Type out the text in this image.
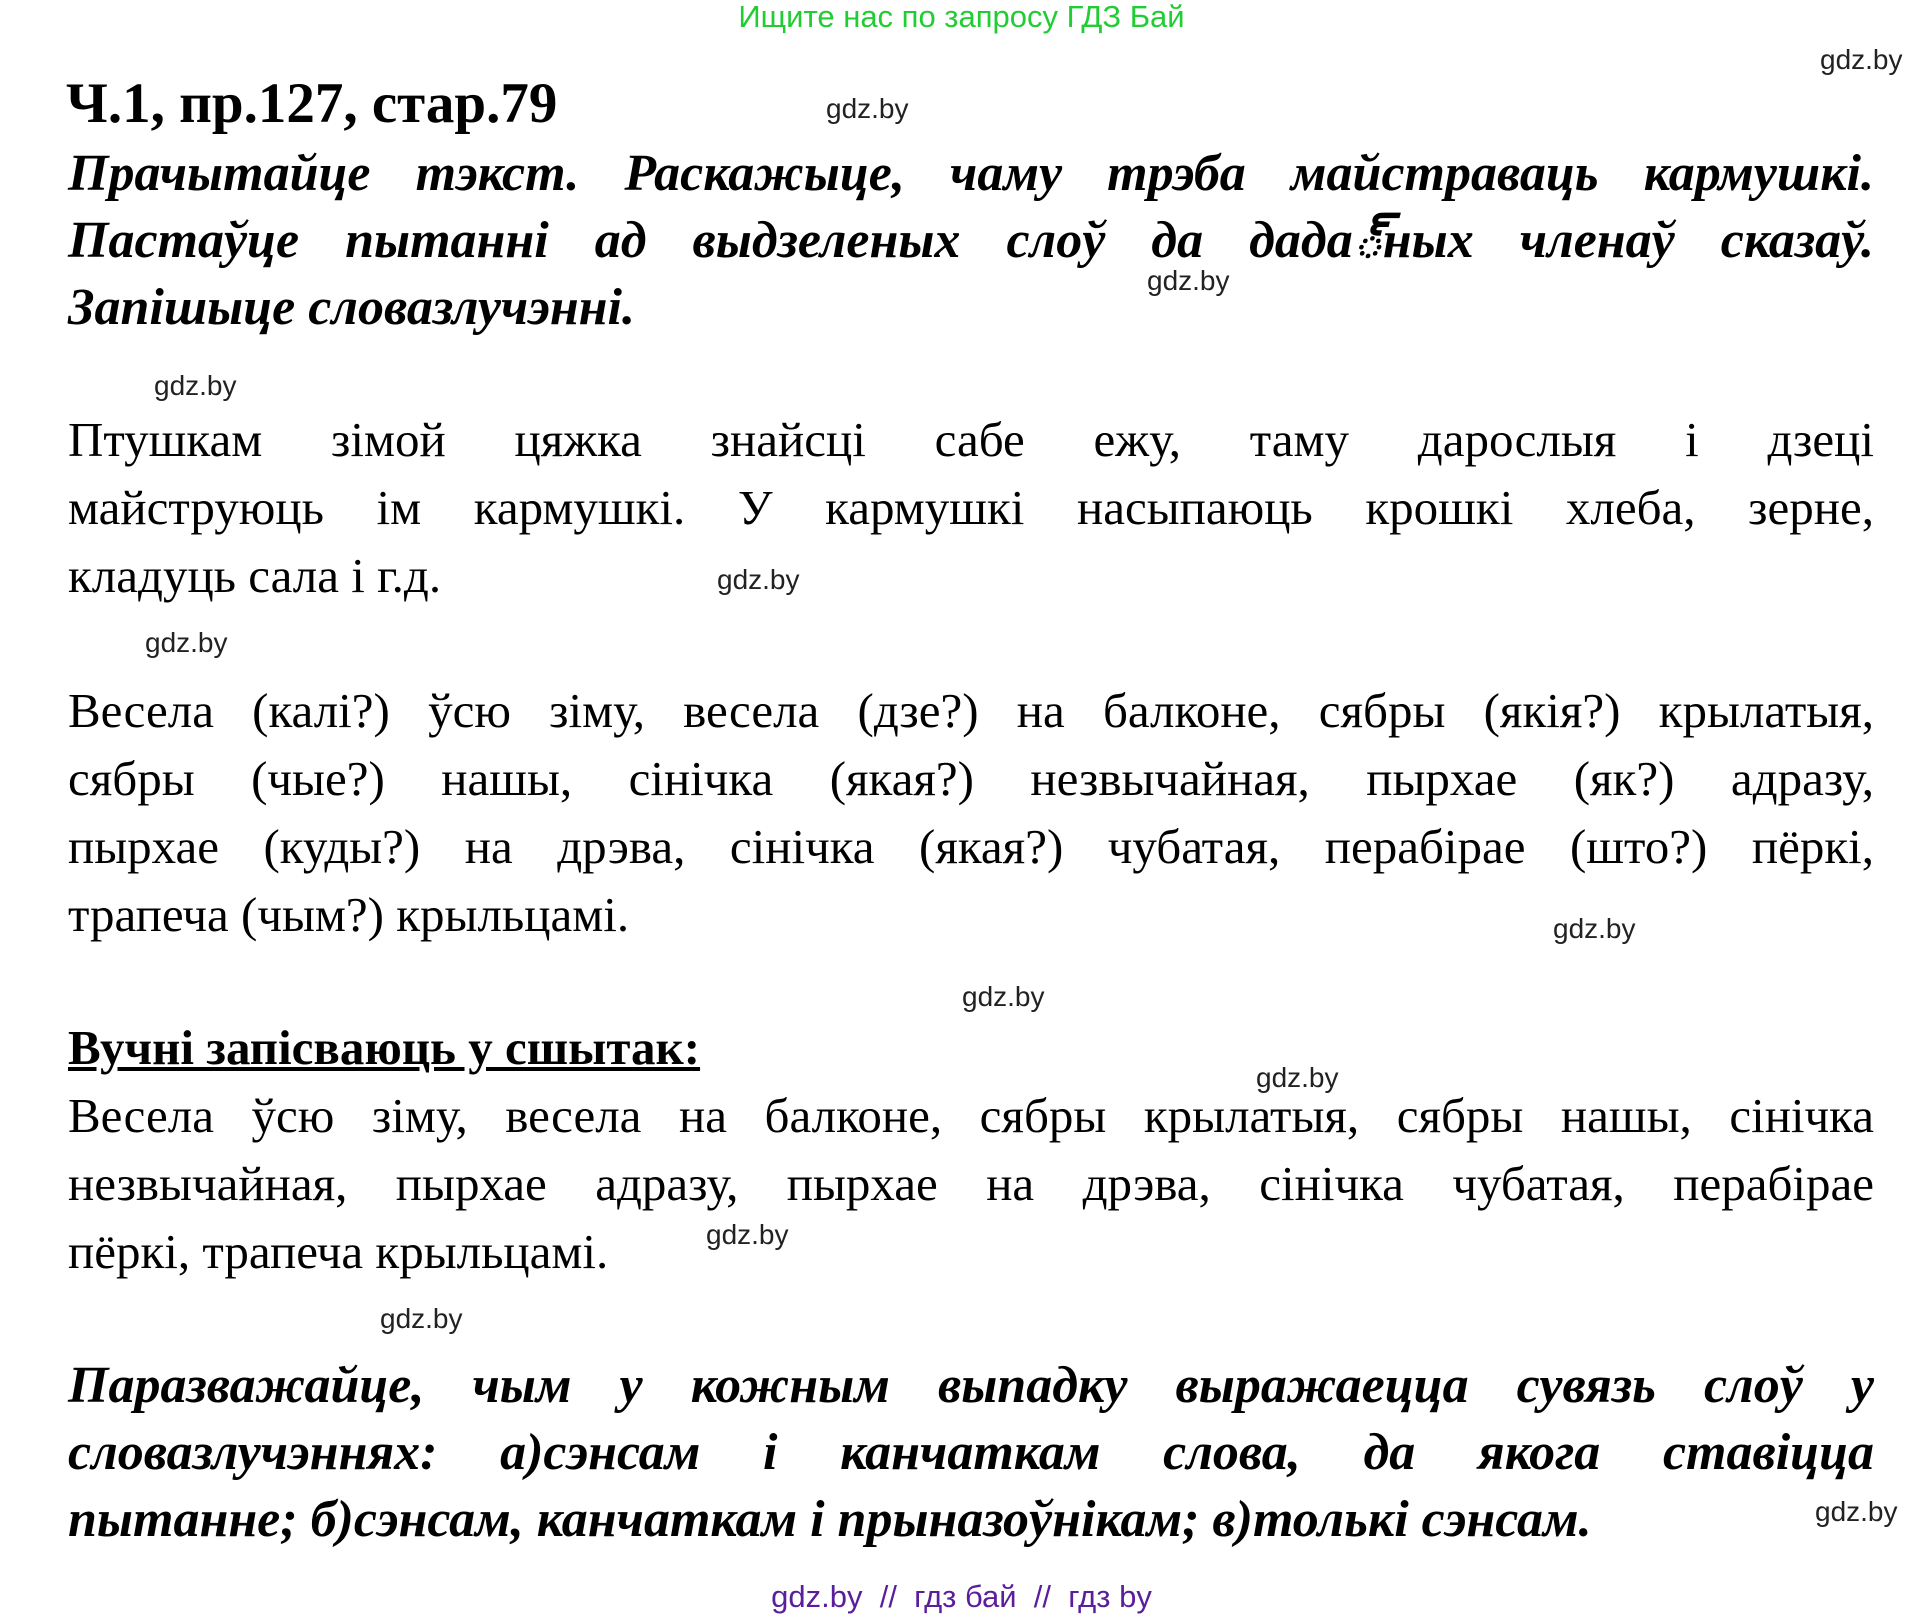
Ищите нас по запросу ГДЗ Бай
Ч.1, пр.127, стар.79
Прачытайце тэкст. Раскажыце, чаму трэба майстраваць кармушкі.
Пастаўце пытанні ад выдзеленых слоў да дада్ных членаў сказаў.
Запішыце словазлучэнні.
Птушкам зімой цяжка знайсці сабе ежу, таму дарослыя і дзеці
майструюць ім кармушкі. У кармушкі насыпаюць крошкі хлеба, зерне,
кладуць сала і г.д.
Весела (калі?) ўсю зіму, весела (дзе?) на балконе, сябры (якія?) крылатыя,
сябры (чые?) нашы, сінічка (якая?) незвычайная, пырхае (як?) адразу,
пырхае (куды?) на дрэва, сінічка (якая?) чубатая, перабірае (што?) пёркі,
трапеча (чым?) крыльцамі.
Вучні запісваюць у сшытак:
Весела ўсю зіму, весела на балконе, сябры крылатыя, сябры нашы, сінічка
незвычайная, пырхае адразу, пырхае на дрэва, сінічка чубатая, перабірае
пёркі, трапеча крыльцамі.
Паразважайце, чым у кожным выпадку выражаецца сувязь слоў у
словазлучэннях: а)сэнсам і канчаткам слова, да якога ставіцца
пытанне; б)сэнсам, канчаткам і прыназоўнікам; в)толькі сэнсам.
gdz.by
gdz.by
gdz.by
gdz.by
gdz.by
gdz.by
gdz.by
gdz.by
gdz.by
gdz.by
gdz.by
gdz.by
gdz.by  //  гдз бай  //  гдз by
